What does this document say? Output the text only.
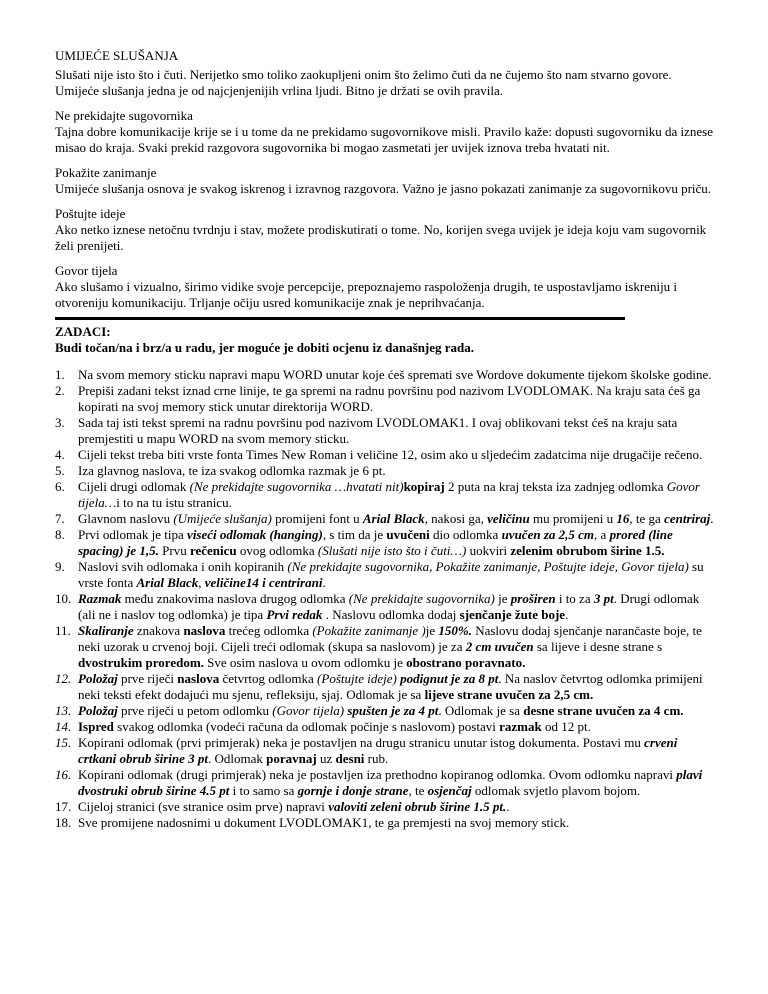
UMIJEĆE SLUŠANJA

Slušati nije isto što i čuti. Nerijetko smo toliko zaokupljeni onim što želimo čuti da ne čujemo što nam stvarno govore. Umijeće slušanja jedna je od najcjenjenijih vrlina ljudi. Bitno je držati se ovih pravila.

Ne prekidajte sugovornika

Tajna dobre komunikacije krije se i u tome da ne prekidamo sugovornikove misli. Pravilo kaže: dopusti sugovorniku da iznese misao do kraja. Svaki prekid razgovora sugovornika bi mogao zasmetati jer uvijek iznova treba hvatati nit.

Pokažite zanimanje

Umijeće slušanja osnova je svakog iskrenog i izravnog razgovora. Važno je jasno pokazati zanimanje za sugovornikovu priču.

Poštujte ideje

Ako netko iznese netočnu tvrdnju i stav, možete prodiskutirati o tome. No, korijen svega uvijek je ideja koju vam sugovornik želi prenijeti.

Govor tijela

Ako slušamo i vizualno, širimo vidike svoje percepcije, prepoznajemo raspoloženja drugih, te uspostavljamo iskreniju i otvoreniju komunikaciju. Trljanje očiju usred komunikacije znak je neprihvaćanja.

ZADACI:

Budi točan/na i brz/a u radu, jer moguće je dobiti ocjenu iz današnjeg rada.

1. Na svom memory sticku napravi mapu WORD unutar koje ćeš spremati sve Wordove dokumente tijekom školske godine.
2. Prepiši zadani tekst iznad crne linije, te ga spremi na radnu površinu pod nazivom LVODLOMAK. Na kraju sata ćeš ga kopirati na svoj memory stick unutar direktorija WORD.
3. Sada taj isti tekst spremi na radnu površinu pod nazivom LVODLOMAK1. I ovaj oblikovani tekst ćeš na kraju sata premjestiti u mapu WORD na svom memory sticku.
4. Cijeli tekst treba biti vrste fonta Times New Roman i veličine 12, osim ako u sljedećim zadatcima nije drugačije rečeno.
5. Iza glavnog naslova, te iza svakog odlomka razmak je 6 pt.
6. Cijeli drugi odlomak (Ne prekidajte sugovornika …hvatati nit)kopiraj 2 puta na kraj teksta iza zadnjeg odlomka Govor tijela…i to na tu istu stranicu.
7. Glavnom naslovu (Umijeće slušanja) promijeni font u Arial Black, nakosi ga, veličinu mu promijeni u 16, te ga centriraj.
8. Prvi odlomak je tipa viseći odlomak (hanging), s tim da je uvučeni dio odlomka uvučen za 2,5 cm, a prored (line spacing) je 1,5. Prvu rečenicu ovog odlomka (Slušati nije isto što i čuti…) uokviri zelenim obrubom širine 1.5.
9. Naslovi svih odlomaka i onih kopiranih (Ne prekidajte sugovornika, Pokažite zanimanje, Poštujte ideje, Govor tijela) su vrste fonta Arial Black, veličine14 i centrirani.
10. Razmak među znakovima naslova drugog odlomka (Ne prekidajte sugovornika) je proširen i to za 3 pt. Drugi odlomak (ali ne i naslov tog odlomka) je tipa Prvi redak . Naslovu odlomka dodaj sjenčanje žute boje.
11. Skaliranje znakova naslova trećeg odlomka (Pokažite zanimanje )je 150%. Naslovu dodaj sjenčanje narančaste boje, te neki uzorak u crvenoj boji. Cijeli treći odlomak (skupa sa naslovom) je za 2 cm uvučen sa lijeve i desne strane s dvostrukim proredom. Sve osim naslova u ovom odlomku je obostrano poravnato.
12. Položaj prve riječi naslova četvrtog odlomka (Poštujte ideje) podignut je za 8 pt. Na naslov četvrtog odlomka primijeni neki teksti efekt dodajući mu sjenu, refleksiju, sjaj. Odlomak je sa lijeve strane uvučen za 2,5 cm.
13. Položaj prve riječi u petom odlomku (Govor tijela) spušten je za 4 pt. Odlomak je sa desne strane uvučen za 4 cm.
14. Ispred svakog odlomka (vodeći računa da odlomak počinje s naslovom) postavi razmak od 12 pt.
15. Kopirani odlomak (prvi primjerak) neka je postavljen na drugu stranicu unutar istog dokumenta. Postavi mu crveni crtkani obrub širine 3 pt. Odlomak poravnaj uz desni rub.
16. Kopirani odlomak (drugi primjerak) neka je postavljen iza prethodno kopiranog odlomka. Ovom odlomku napravi plavi dvostruki obrub širine 4.5 pt i to samo sa gornje i donje strane, te osjenčaj odlomak svjetlo plavom bojom.
17. Cijeloj stranici (sve stranice osim prve) napravi valoviti zeleni obrub širine 1.5 pt..
18. Sve promijene nadosnimi u dokument LVODLOMAK1, te ga premjesti na svoj memory stick.
